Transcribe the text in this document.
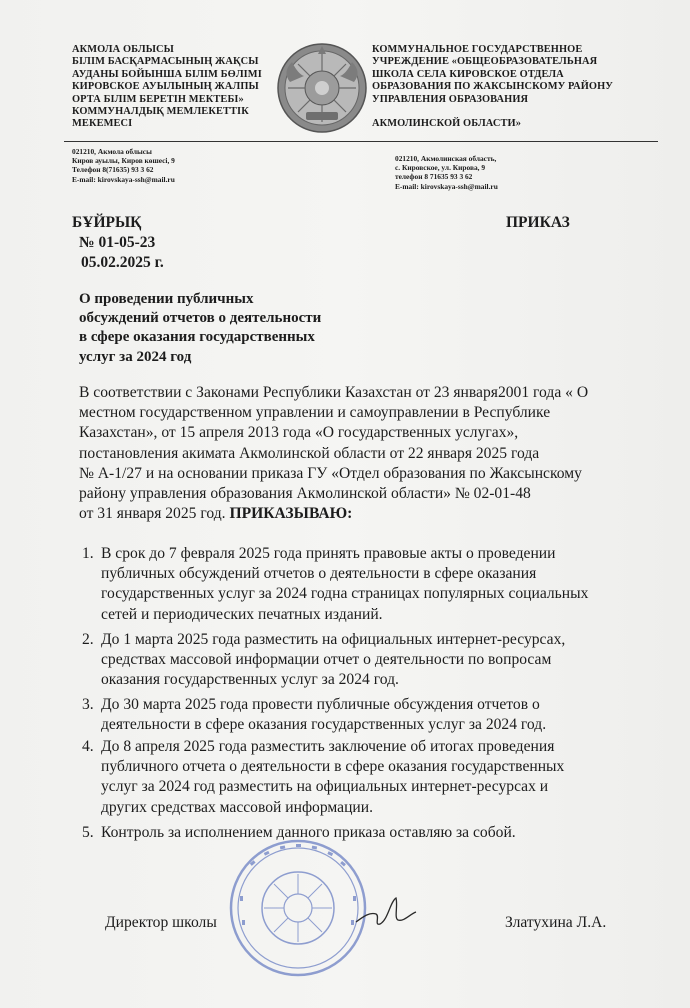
АКМОЛА ОБЛЫСЫ
БІЛІМ БАСҚАРМАСЫНЫҢ ЖАҚСЫ
АУДАНЫ БОЙЫНША БІЛІМ БӨЛІМІ
КИРОВСКОЕ АУЫЛЫНЫҢ ЖАЛПЫ
ОРТА БІЛІМ БЕРЕТІН МЕКТЕБІ»
КОММУНАЛДЫҚ МЕМЛЕКЕТТІК
МЕКЕМЕСІ
КОММУНАЛЬНОЕ ГОСУДАРСТВЕННОЕ
УЧРЕЖДЕНИЕ «ОБЩЕОБРАЗОВАТЕЛЬНАЯ
ШКОЛА СЕЛА КИРОВСКОЕ ОТДЕЛА
ОБРАЗОВАНИЯ ПО ЖАКСЫНСКОМУ РАЙОНУ
УПРАВЛЕНИЯ ОБРАЗОВАНИЯ
АКМОЛИНСКОЙ ОБЛАСТИ»
021210, Акмола облысы
Киров ауылы, Киров көшесі, 9
Телефон 8(71635) 93 3 62
E-mail: kirovskaya-ssh@mail.ru
021210, Акмолинская область,
с. Кировское, ул. Кирова, 9
телефон 8 71635 93 3 62
E-mail: kirovskaya-ssh@mail.ru
БҰЙРЫҚ	ПРИКАЗ
№ 01-05-23
05.02.2025 г.
О проведении публичных
обсуждений отчетов о деятельности
в сфере оказания государственных
услуг за 2024 год
В соответствии с Законами Республики Казахстан от 23 января2001 года « О
местном государственном управлении и самоуправлении в Республике
Казахстан», от 15 апреля 2013 года «О государственных услугах»,
постановления акимата Акмолинской области от 22 января 2025 года
№ А-1/27 и на основании приказа ГУ «Отдел образования по Жаксынскому
району управления образования Акмолинской области» № 02-01-48
от 31 января 2025 год. ПРИКАЗЫВАЮ:
1. В срок до 7 февраля 2025 года принять правовые акты о проведении
публичных обсуждений отчетов о деятельности в сфере оказания
государственных услуг за 2024 годна страницах популярных социальных
сетей и периодических печатных изданий.
2. До 1 марта 2025 года разместить на официальных интернет-ресурсах,
средствах массовой информации отчет о деятельности по вопросам
оказания государственных услуг за 2024 год.
3. До 30 марта 2025 года провести публичные обсуждения отчетов о
деятельности в сфере оказания государственных услуг за 2024 год.
4. До 8 апреля 2025 года разместить заключение об итогах проведения
публичного отчета о деятельности в сфере оказания государственных
услуг за 2024 год разместить на официальных интернет-ресурсах и
других средствах массовой информации.
5. Контроль за исполнением данного приказа оставляю за собой.
Директор школы	Златухина Л.А.
